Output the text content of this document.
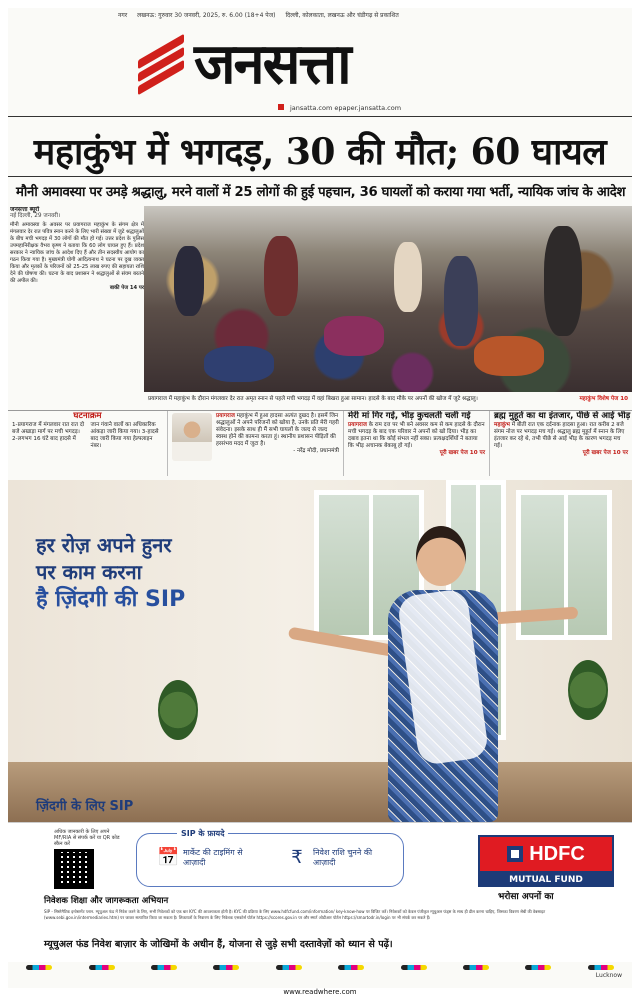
नगर लखनऊ: गुरुवार 30 जनवरी, 2025, रु. 6.00 (18+4 पेज) दिल्ली, कोलकाता, लखनऊ और चंडीगढ़ से प्रकाशित
जनसत्ता
jansatta.com epaper.jansatta.com
महाकुंभ में भगदड़, 30 की मौत; 60 घायल
मौनी अमावस्या पर उमड़े श्रद्धालु, मरने वालों में 25 लोगों की हुई पहचान, 36 घायलों को कराया गया भर्ती, न्यायिक जांच के आदेश
जनसत्ता ब्यूरो
नई दिल्ली, 29 जनवरी।

मौनी अमावस्या के अवसर पर प्रयागराज महाकुंभ के संगम क्षेत्र में मंगलवार देर रात पवित्र स्नान करने के लिए भारी संख्या में जुटे श्रद्धालुओं के बीच मची भगदड़ में 30 लोगों की मौत हो गई। उत्तर प्रदेश के पुलिस उपमहानिरीक्षक वैभव कृष्ण ने बताया कि 60 लोग घायल हुए हैं। प्रदेश सरकार ने न्यायिक जांच के आदेश दिए हैं और तीन सदस्यीय आयोग का गठन किया गया है। मुख्यमंत्री योगी आदित्यनाथ ने घटना पर दुख व्यक्त किया और मृतकों के परिजनों को 25-25 लाख रुपए की सहायता राशि देने की घोषणा की। घटना के बाद प्रशासन ने श्रद्धालुओं से संयम बरतने की अपील की।

बाकी पेज 14 पर
प्रयागराज में महाकुंभ के दौरान मंगलवार देर रात अमृत स्नान से पहले मची भगदड़ में वहां बिखरा हुआ सामान। हादसे के बाद मौके पर अपनों की खोज में जुटे श्रद्धालु।	महाकुंभ विशेष पेज 10
घटनाक्रम
1-प्रयागराज में मंगलवार रात रात दो बजे अखाड़ा मार्ग पर मची भगदड़। 2-लगभग 16 घंटे बाद हादसे में
जान गंवाने वालों का अधिकारिक आंकड़ा जारी किया गया। 3-हादसे बाद जारी किया गया हेल्पलाइन नंबर।
प्रयागराज महाकुंभ में हुआ हादसा अत्यंत दुखद है। इसमें जिन श्रद्धालुओं ने अपने परिजनों को खोया है, उनके प्रति मेरी गहरी संवेदना। इसके साथ ही मैं सभी घायलों के जल्द से जल्द स्वस्थ होने की कामना करता हूं। स्थानीय प्रशासन पीड़ितों की हरसंभव मदद में जुटा है।
- नरेंद्र मोदी, प्रधानमंत्री
मेरी मां गिर गई, भीड़ कुचलती चली गई
प्रयागराज के राम दत्त पर भी बने अवसर कम से कम हादसे के दौरान मची भगदड़ के बाद एक परिवार ने अपनों को खो दिया। भीड़ का दबाव इतना था कि कोई संभल नहीं सका। प्रत्यक्षदर्शियों ने बताया कि भीड़ अचानक बेकाबू हो गई।
पूरी खबर पेज 10 पर
ब्रह्म मुहूर्त का था इंतजार, पीछे से आई भीड़
महाकुंभ में बीती रात एक दर्दनाक हादसा हुआ। रात करीब 2 बजे संगम नोज पर भगदड़ मच गई। श्रद्धालु ब्रह्म मुहूर्त में स्नान के लिए इंतजार कर रहे थे, तभी पीछे से आई भीड़ के कारण भगदड़ मच गई।
पूरी खबर पेज 10 पर
हर रोज़ अपने हुनर
पर काम करना
है ज़िंदगी की SIP
ज़िंदगी के लिए SIP
अधिक जानकारी के लिए अपने MF/RIA से संपर्क करें या QR कोड स्कैन करें
SIP के फ़ायदे
📅 मार्केट की टाइमिंग से आज़ादी	₹	निवेश राशि चुनने की आज़ादी	HDFC
MUTUAL FUND
भरोसा अपनों का
निवेशक शिक्षा और जागरूकता अभियान
SIP - सिस्टेमैटिक इन्वेस्टमेंट प्लान. म्यूचुअल फंड में निवेश करने के लिए, सभी निवेशकों को एक बार KYC की आवश्यकता होती है। KYC की प्रक्रिया के लिए www.hdfcfund.com/information/ key-know-how पर विजिट करें। निवेशकों को केवल पंजीकृत म्यूचुअल फंड्स के साथ ही डील करना चाहिए, जिसका विवरण सेबी की वेबसाइट (www.sebi.gov.in/intermediaries.htm) पर जाकर सत्यापित किया जा सकता है। शिकायतों के निवारण के लिए निवेशक एसकोर्स पोर्टल https://scores.gov.in पर और स्मार्ट ओडीआर पोर्टल https://smartodr.in/login पर भी संपर्क कर सकते हैं।
म्यूचुअल फंड निवेश बाज़ार के जोखिमों के अधीन हैं, योजना से जुड़े सभी दस्तावेज़ों को ध्यान से पढ़ें।
Lucknow
www.readwhere.com
